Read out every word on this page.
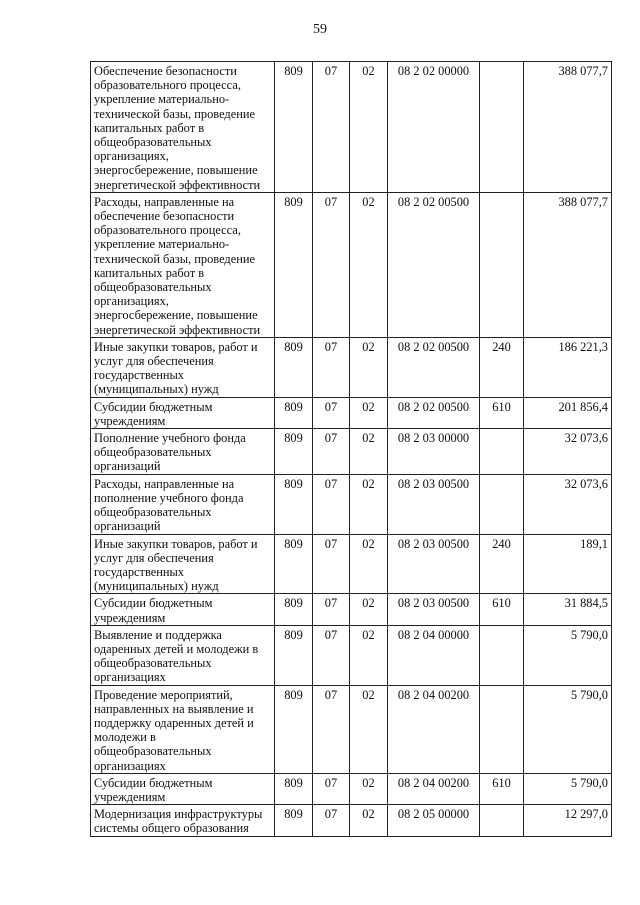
59
Обеспечение безопасности образовательного процесса, укрепление материально-технической базы, проведение капитальных работ в общеобразовательных организациях, энергосбережение, повышение энергетической эффективности	809	07	02	08 2 02 00000		388 077,7
Расходы, направленные на обеспечение безопасности образовательного процесса, укрепление материально-технической базы, проведение капитальных работ в общеобразовательных организациях, энергосбережение, повышение энергетической эффективности	809	07	02	08 2 02 00500		388 077,7
Иные закупки товаров, работ и услуг для обеспечения государственных (муниципальных) нужд	809	07	02	08 2 02 00500	240	186 221,3
Субсидии бюджетным учреждениям	809	07	02	08 2 02 00500	610	201 856,4
Пополнение учебного фонда общеобразовательных организаций	809	07	02	08 2 03 00000		32 073,6
Расходы, направленные на пополнение учебного фонда общеобразовательных организаций	809	07	02	08 2 03 00500		32 073,6
Иные закупки товаров, работ и услуг для обеспечения государственных (муниципальных) нужд	809	07	02	08 2 03 00500	240	189,1
Субсидии бюджетным учреждениям	809	07	02	08 2 03 00500	610	31 884,5
Выявление и поддержка одаренных детей и молодежи в общеобразовательных организациях	809	07	02	08 2 04 00000		5 790,0
Проведение мероприятий, направленных на выявление и поддержку одаренных детей и молодежи в общеобразовательных организациях	809	07	02	08 2 04 00200		5 790,0
Субсидии бюджетным учреждениям	809	07	02	08 2 04 00200	610	5 790,0
Модернизация инфраструктуры системы общего образования	809	07	02	08 2 05 00000		12 297,0
